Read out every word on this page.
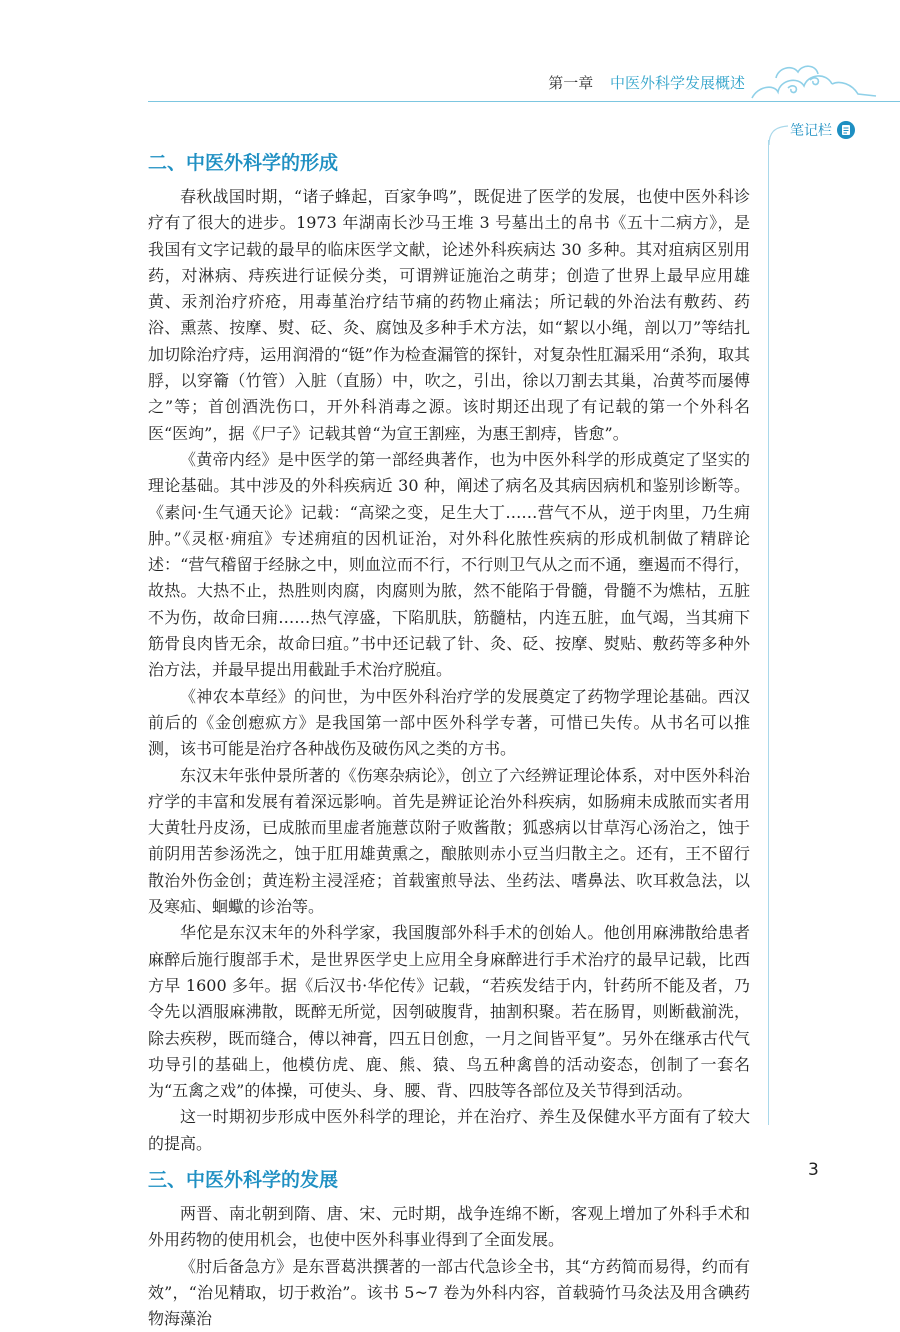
第一章 中医外科学发展概述
笔记栏
二、中医外科学的形成

春秋战国时期，“诸子蜂起，百家争鸣”，既促进了医学的发展，也使中医外科诊疗有了很大的进步。1973 年湖南长沙马王堆 3 号墓出土的帛书《五十二病方》，是我国有文字记载的最早的临床医学文献，论述外科疾病达 30 多种。其对疽病区别用药，对淋病、痔疾进行证候分类，可谓辨证施治之萌芽；创造了世界上最早应用雄黄、汞剂治疗疥疮，用毒堇治疗结节痛的药物止痛法；所记载的外治法有敷药、药浴、熏蒸、按摩、熨、砭、灸、腐蚀及多种手术方法，如“絜以小绳，剖以刀”等结扎加切除治疗痔，运用润滑的“铤”作为检查漏管的探针，对复杂性肛漏采用“杀狗，取其脬，以穿籥（竹管）入脏（直肠）中，吹之，引出，徐以刀割去其巢，冶黄芩而屡傅之”等；首创酒洗伤口，开外科消毒之源。该时期还出现了有记载的第一个外科名医“医竘”，据《尸子》记载其曾“为宣王割痤，为惠王割痔，皆愈”。

《黄帝内经》是中医学的第一部经典著作，也为中医外科学的形成奠定了坚实的理论基础。其中涉及的外科疾病近 30 种，阐述了病名及其病因病机和鉴别诊断等。《素问·生气通天论》记载：“高梁之变，足生大丁……营气不从，逆于肉里，乃生痈肿。”《灵枢·痈疽》专述痈疽的因机证治，对外科化脓性疾病的形成机制做了精辟论述：“营气稽留于经脉之中，则血泣而不行，不行则卫气从之而不通，壅遏而不得行，故热。大热不止，热胜则肉腐，肉腐则为脓，然不能陷于骨髓，骨髓不为燋枯，五脏不为伤，故命曰痈……热气淳盛，下陷肌肤，筋髓枯，内连五脏，血气竭，当其痈下筋骨良肉皆无余，故命曰疽。”书中还记载了针、灸、砭、按摩、熨贴、敷药等多种外治方法，并最早提出用截趾手术治疗脱疽。

《神农本草经》的问世，为中医外科治疗学的发展奠定了药物学理论基础。西汉前后的《金创瘛疭方》是我国第一部中医外科学专著，可惜已失传。从书名可以推测，该书可能是治疗各种战伤及破伤风之类的方书。

东汉末年张仲景所著的《伤寒杂病论》，创立了六经辨证理论体系，对中医外科治疗学的丰富和发展有着深远影响。首先是辨证论治外科疾病，如肠痈未成脓而实者用大黄牡丹皮汤，已成脓而里虚者施薏苡附子败酱散；狐惑病以甘草泻心汤治之，蚀于前阴用苦参汤洗之，蚀于肛用雄黄熏之，酿脓则赤小豆当归散主之。还有，王不留行散治外伤金创；黄连粉主浸淫疮；首载蜜煎导法、坐药法、嗜鼻法、吹耳救急法，以及寒疝、蛔蠍的诊治等。

华佗是东汉末年的外科学家，我国腹部外科手术的创始人。他创用麻沸散给患者麻醉后施行腹部手术，是世界医学史上应用全身麻醉进行手术治疗的最早记载，比西方早 1600 多年。据《后汉书·华佗传》记载，“若疾发结于内，针药所不能及者，乃令先以酒服麻沸散，既醉无所觉，因刳破腹背，抽割积聚。若在肠胃，则断截湔洗，除去疾秽，既而缝合，傅以神膏，四五日创愈，一月之间皆平复”。另外在继承古代气功导引的基础上，他模仿虎、鹿、熊、猿、鸟五种禽兽的活动姿态，创制了一套名为“五禽之戏”的体操，可使头、身、腰、背、四肢等各部位及关节得到活动。

这一时期初步形成中医外科学的理论，并在治疗、养生及保健水平方面有了较大的提高。

三、中医外科学的发展

两晋、南北朝到隋、唐、宋、元时期，战争连绵不断，客观上增加了外科手术和外用药物的使用机会，也使中医外科事业得到了全面发展。

《肘后备急方》是东晋葛洪撰著的一部古代急诊全书，其“方药简而易得，约而有效”，“治见精取，切于救治”。该书 5~7 卷为外科内容，首载骑竹马灸法及用含碘药物海藻治

3
